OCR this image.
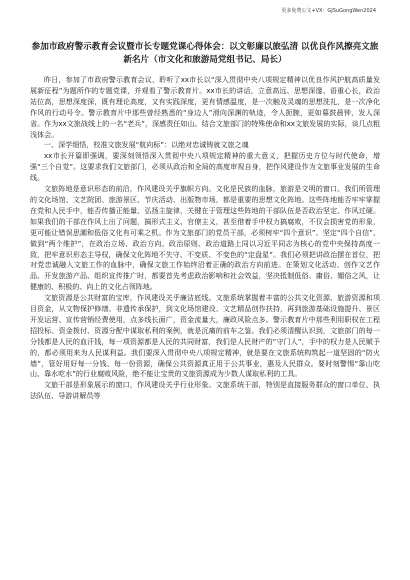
更多免费公文+VX：GJSuGongWen2024
参加市政府警示教育会议暨市长专题党课心得体会：以文彰廉以旅弘清 以优良作风擦亮文旅新名片（市文化和旅游局党组书记、局长）

昨日，参加了市政府警示教育会议，聆听了xx市长以“深入贯彻中央八项规定精神以优良作风护航高质量发展新征程”为题所作的专题党课，并观看了警示教育片。xx市长的讲话，立意高远、思想深邃、语重心长，政治站位高，思想深度深，既有理论高度，又有实践深度，更有情感温度，是一次触及灵魂的思想洗礼，是一次净化作风的行动号令。警示教育片中那些曾经熟悉的“身边人”滑向深渊的轨迹，令人扼腕，更如暮鼓晨钟，发人深省。作为xx文旅战线上的一名“老兵”，深感责任如山。结合文旅部门的特殊使命和xx文旅发展的实际，谈几点粗浅体会。

一、深学细悟，校准文旅发展“航向标”：以绝对忠诚铸就文旅之魂

xx市长开篇即强调，要深刻领悟深入贯彻中央八项规定精神的重大意义，把握历史方位与时代使命，增强“三个自觉”。这要求我们文旅部门，必须从政治和全局的高度审视自身，把作风建设作为文旅事业发展的生命线。

文旅阵地是意识形态的前沿，作风建设关乎旗帜方向。文化是民族的血脉，旅游是文明的窗口。我们所管理的文化场馆、文艺院团、旅游景区、节庆活动、出版物市场，都是重要的思想文化阵地。这些阵地能否牢牢掌握在党和人民手中，能否传播正能量、弘扬主旋律，关键在于管理这些阵地的干部队伍是否政治坚定、作风过硬。如果我们的干部在作风上出了问题，搞形式主义、官僚主义，甚至借着手中权力搞腐败，不仅会损害党的形象，更可能让错误思潮和低俗文化有可乘之机。作为文旅部门的党员干部，必须树牢“四个意识”、坚定“四个自信”、做到“两个维护”，在政治立场、政治方向、政治原则、政治道路上同以习近平同志为核心的党中央保持高度一致，把牢意识形态主导权，确保文化阵地不失守、不变质、不变色的“定盘星”。我们必须把讲政治摆在首位，把对党忠诚融入文旅工作的血脉中，确保文旅工作始终沿着正确的政治方向前进。在策划文化活动、创作文艺作品、开发旅游产品、组织宣传推广时，都要首先考虑政治影响和社会效益，坚决抵制低俗、庸俗、媚俗之风，让健康的、积极的、向上的文化占领阵地。

文旅资源是公共财富的宝库，作风建设关乎廉洁底线。文旅系统掌握着丰富的公共文化资源、旅游资源和项目资金，从文物保护修缮、非遗传承保护，到文化场馆建设、文艺精品创作扶持，再到旅游基础设施提升、景区开发运营、宣传营销经费使用，点多线长面广，资金流量大，廉政风险点多。警示教育片中那些利用职权在工程招投标、资金拨付、资源分配中谋取私利的案例，就是沉痛的前车之鉴。我们必须清醒认识到，文旅部门的每一分钱都是人民的血汗钱，每一项资源都是人民的共同财富，我们是人民财产的“守门人”，手中的权力是人民赋予的，都必须用来为人民谋利益。我们要深入贯彻中央八项规定精神，就是要在文旅系统构筑起一道坚固的“防火墙”，管好用好每一分钱、每一份资源，确保公共资源真正用于公共事业，惠及人民群众。要时刻警惕“靠山吃山、靠水吃水”的行业腐败风险，绝不能让宝贵的文旅资源成为少数人谋取私利的工具。

文旅干部是形象展示的窗口，作风建设关乎行业形象。文旅系统干部，特别是直接服务群众的窗口单位、执法队伍、导游讲解员等
